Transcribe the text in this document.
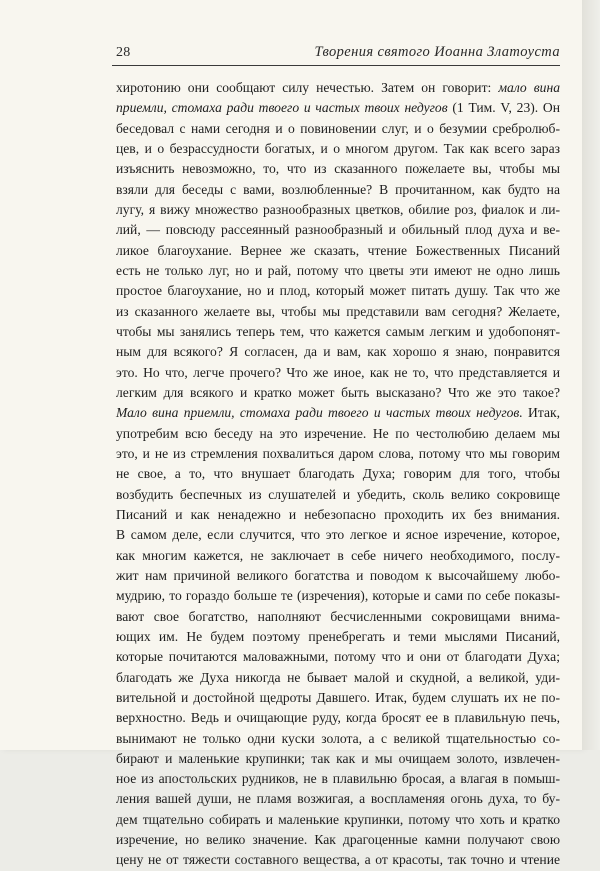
28	Творения святого Иоанна Златоуста
хиротонию они сообщают силу нечестью. Затем он говорит: мало вина
приемли, стомаха ради твоего и частых твоих недугов (1 Тим. V, 23). Он
беседовал с нами сегодня и о повиновении слуг, и о безумии сребролюб-
цев, и о безрассудности богатых, и о многом другом. Так как всего зараз
изъяснить невозможно, то, что из сказанного пожелаете вы, чтобы мы
взяли для беседы с вами, возлюбленные? В прочитанном, как будто на
лугу, я вижу множество разнообразных цветков, обилие роз, фиалок и ли-
лий, — повсюду рассеянный разнообразный и обильный плод духа и ве-
ликое благоухание. Вернее же сказать, чтение Божественных Писаний
есть не только луг, но и рай, потому что цветы эти имеют не одно лишь
простое благоухание, но и плод, который может питать душу. Так что же
из сказанного желаете вы, чтобы мы представили вам сегодня? Желаете,
чтобы мы занялись теперь тем, что кажется самым легким и удобопонят-
ным для всякого? Я согласен, да и вам, как хорошо я знаю, понравится
это. Но что, легче прочего? Что же иное, как не то, что представляется и
легким для всякого и кратко может быть высказано? Что же это такое?
Мало вина приемли, стомаха ради твоего и частых твоих недугов. Итак,
употребим всю беседу на это изречение. Не по честолюбию делаем мы
это, и не из стремления похвалиться даром слова, потому что мы говорим
не свое, а то, что внушает благодать Духа; говорим для того, чтобы
возбудить беспечных из слушателей и убедить, сколь велико сокровище
Писаний и как ненадежно и небезопасно проходить их без внимания.
В самом деле, если случится, что это легкое и ясное изречение, которое,
как многим кажется, не заключает в себе ничего необходимого, послу-
жит нам причиной великого богатства и поводом к высочайшему любо-
мудрию, то гораздо больше те (изречения), которые и сами по себе показы-
вают свое богатство, наполняют бесчисленными сокровищами внима-
ющих им. Не будем поэтому пренебрегать и теми мыслями Писаний,
которые почитаются маловажными, потому что и они от благодати Духа;
благодать же Духа никогда не бывает малой и скудной, а великой, уди-
вительной и достойной щедроты Давшего. Итак, будем слушать их не по-
верхностно. Ведь и очищающие руду, когда бросят ее в плавильную печь,
вынимают не только одни куски золота, а с великой тщательностью со-
бирают и маленькие крупинки; так как и мы очищаем золото, извлечен-
ное из апостольских рудников, не в плавильню бросая, а влагая в помыш-
ления вашей души, не пламя возжигая, а воспламеняя огонь духа, то бу-
дем тщательно собирать и маленькие крупинки, потому что хоть и кратко
изречение, но велико значение. Как драгоценные камни получают свою
цену не от тяжести составного вещества, а от красоты, так точно и чтение
